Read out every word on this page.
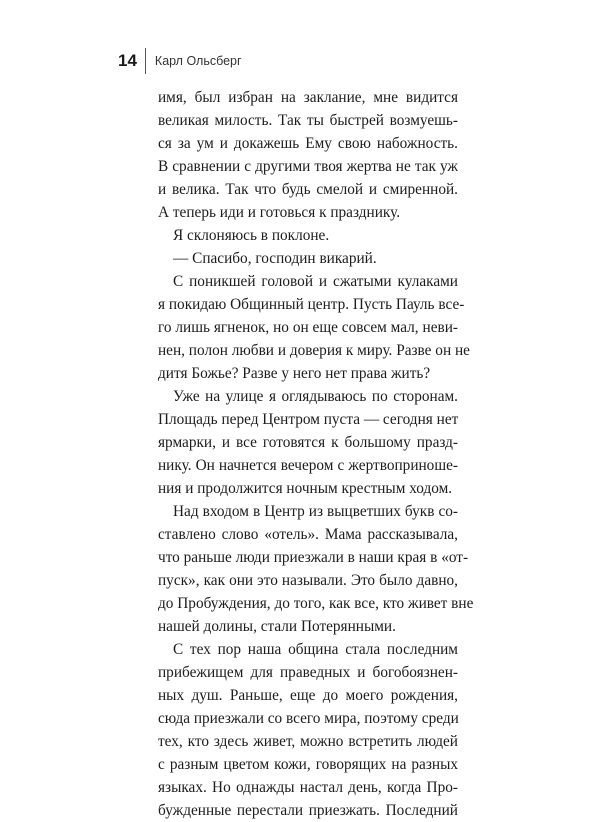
14 Карл Ольсберг
имя, был избран на заклание, мне видится
великая милость. Так ты быстрей возмуешь-
ся за ум и докажешь Ему свою набожность.
В сравнении с другими твоя жертва не так уж
и велика. Так что будь смелой и смиренной.
А теперь иди и готовься к празднику.
Я склоняюсь в поклоне.
— Спасибо, господин викарий.
С поникшей головой и сжатыми кулаками
я покидаю Общинный центр. Пусть Пауль все-
го лишь ягненок, но он еще совсем мал, неви-
нен, полон любви и доверия к миру. Разве он не
дитя Божье? Разве у него нет права жить?
Уже на улице я оглядываюсь по сторонам.
Площадь перед Центром пуста — сегодня нет
ярмарки, и все готовятся к большому празд-
нику. Он начнется вечером с жертвоприноше-
ния и продолжится ночным крестным ходом.
Над входом в Центр из выцветших букв со-
ставлено слово «отель». Мама рассказывала,
что раньше люди приезжали в наши края в «от-
пуск», как они это называли. Это было давно,
до Пробуждения, до того, как все, кто живет вне
нашей долины, стали Потерянными.
С тех пор наша община стала последним
прибежищем для праведных и богобоязнен-
ных душ. Раньше, еще до моего рождения,
сюда приезжали со всего мира, поэтому среди
тех, кто здесь живет, можно встретить людей
с разным цветом кожи, говорящих на разных
языках. Но однажды настал день, когда Про-
бужденные перестали приезжать. Последний
